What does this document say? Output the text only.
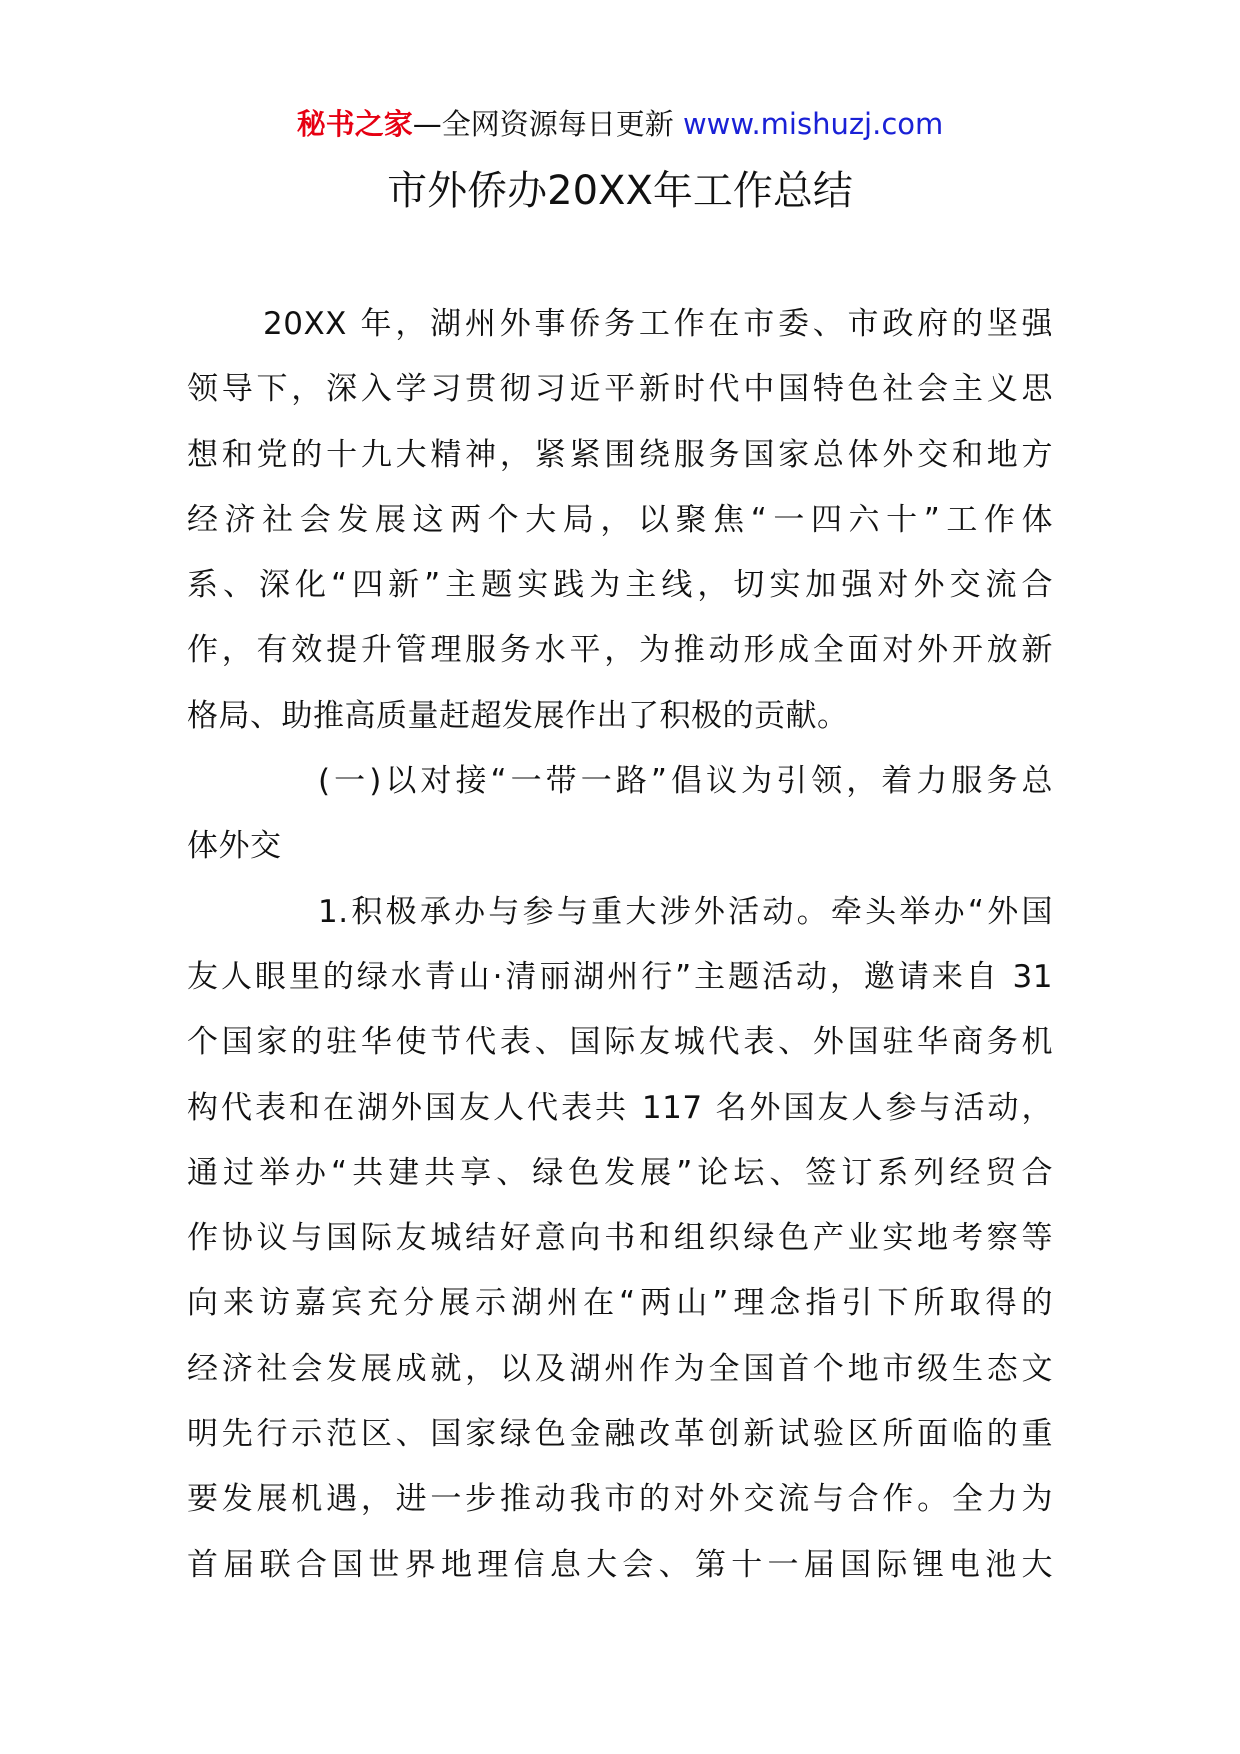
秘书之家—全网资源每日更新 www.mishuzj.com
市外侨办20XX年工作总结
20XX 年，湖州外事侨务工作在市委、市政府的坚强
领导下，深入学习贯彻习近平新时代中国特色社会主义思
想和党的十九大精神，紧紧围绕服务国家总体外交和地方
经济社会发展这两个大局，以聚焦“一四六十”工作体
系、深化“四新”主题实践为主线，切实加强对外交流合
作，有效提升管理服务水平，为推动形成全面对外开放新
格局、助推高质量赶超发展作出了积极的贡献。
(一)以对接“一带一路”倡议为引领，着力服务总
体外交
1.积极承办与参与重大涉外活动。牵头举办“外国
友人眼里的绿水青山·清丽湖州行”主题活动，邀请来自 31
个国家的驻华使节代表、国际友城代表、外国驻华商务机
构代表和在湖外国友人代表共 117 名外国友人参与活动，
通过举办“共建共享、绿色发展”论坛、签订系列经贸合
作协议与国际友城结好意向书和组织绿色产业实地考察等
向来访嘉宾充分展示湖州在“两山”理念指引下所取得的
经济社会发展成就，以及湖州作为全国首个地市级生态文
明先行示范区、国家绿色金融改革创新试验区所面临的重
要发展机遇，进一步推动我市的对外交流与合作。全力为
首届联合国世界地理信息大会、第十一届国际锂电池大
